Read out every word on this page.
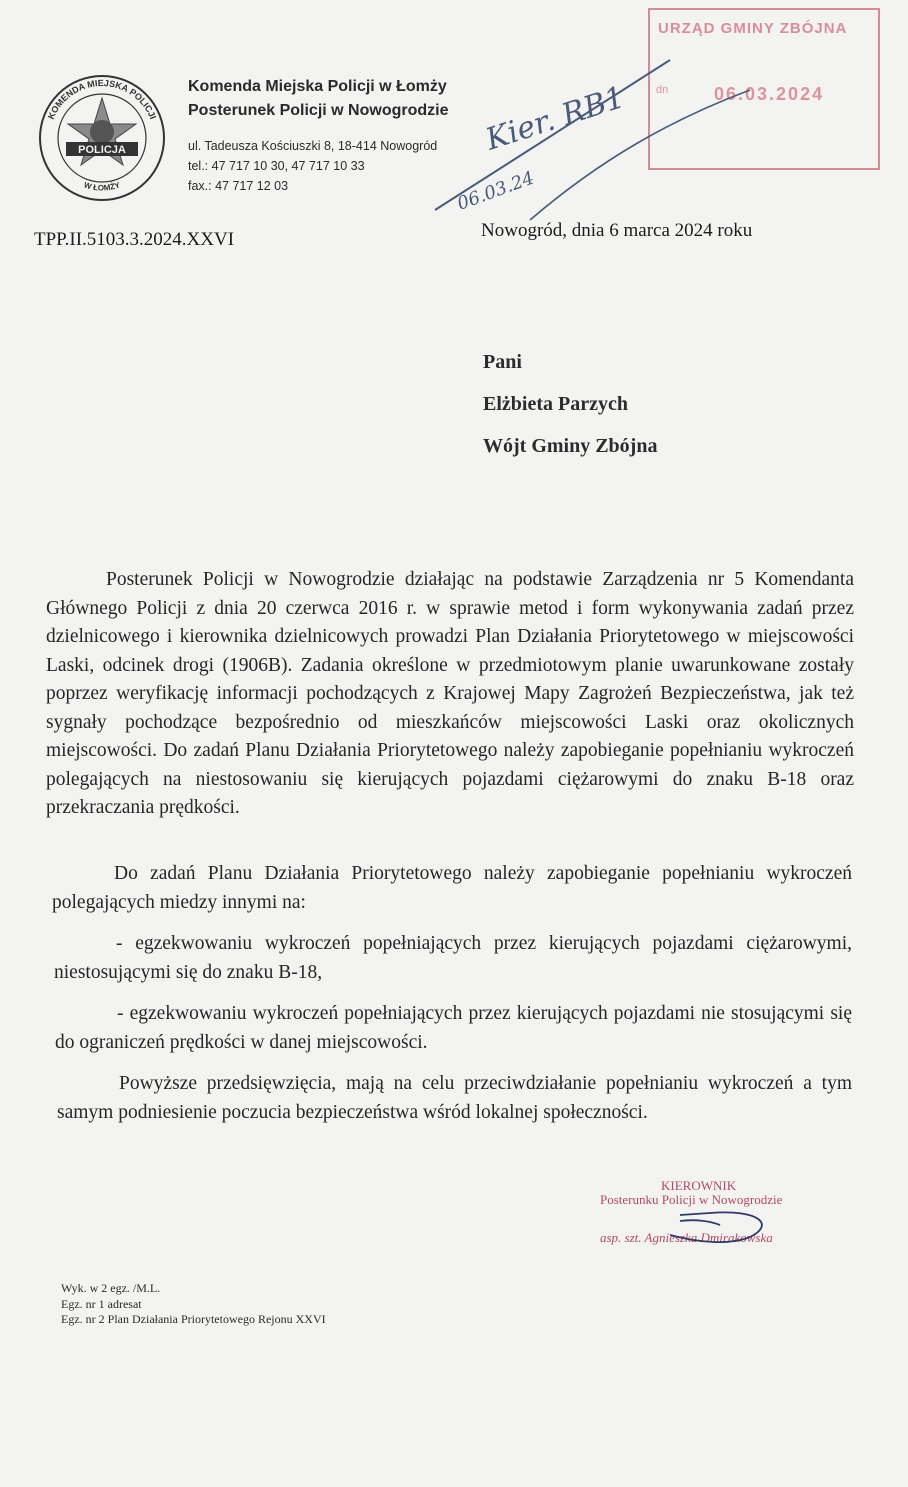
KOMENDA MIEJSKA POLICJI
W ŁOMŻY
POLICJA
Komenda Miejska Policji w Łomży
Posterunek Policji w Nowogrodzie
ul. Tadeusza Kościuszki 8, 18-414 Nowogród
tel.: 47 717 10 30, 47 717 10 33
fax.: 47 717 12 03
URZĄD GMINY ZBÓJNA
dn	06.03.2024
Kier. RB1
06.03.24
TPP.II.5103.3.2024.XXVI	Nowogród, dnia 6 marca 2024 roku
Pani
Elżbieta Parzych
Wójt Gminy Zbójna
Posterunek Policji w Nowogrodzie działając na podstawie Zarządzenia nr 5 Komendanta Głównego Policji z dnia 20 czerwca 2016 r. w sprawie metod i form wykonywania zadań przez dzielnicowego i kierownika dzielnicowych prowadzi Plan Działania Priorytetowego w miejscowości Laski, odcinek drogi (1906B). Zadania określone w przedmiotowym planie uwarunkowane zostały poprzez weryfikację informacji pochodzących z Krajowej Mapy Zagrożeń Bezpieczeństwa, jak też sygnały pochodzące bezpośrednio od mieszkańców miejscowości Laski oraz okolicznych miejscowości. Do zadań Planu Działania Priorytetowego należy zapobieganie popełnianiu wykroczeń polegających na niestosowaniu się kierujących pojazdami ciężarowymi do znaku B-18 oraz przekraczania prędkości.
Do zadań Planu Działania Priorytetowego należy zapobieganie popełnianiu wykroczeń polegających miedzy innymi na:
- egzekwowaniu wykroczeń popełniających przez kierujących pojazdami ciężarowymi, niestosującymi się do znaku B-18,
- egzekwowaniu wykroczeń popełniających przez kierujących pojazdami nie stosującymi się do ograniczeń prędkości w danej miejscowości.
Powyższe przedsięwzięcia, mają na celu przeciwdziałanie popełnianiu wykroczeń a tym samym podniesienie poczucia bezpieczeństwa wśród lokalnej społeczności.
KIEROWNIK
Posterunku Policji w Nowogrodzie
asp. szt. Agnieszka Dmirakowska
Wyk. w 2 egz. /M.L.
Egz. nr 1 adresat
Egz. nr 2 Plan Działania Priorytetowego Rejonu XXVI
